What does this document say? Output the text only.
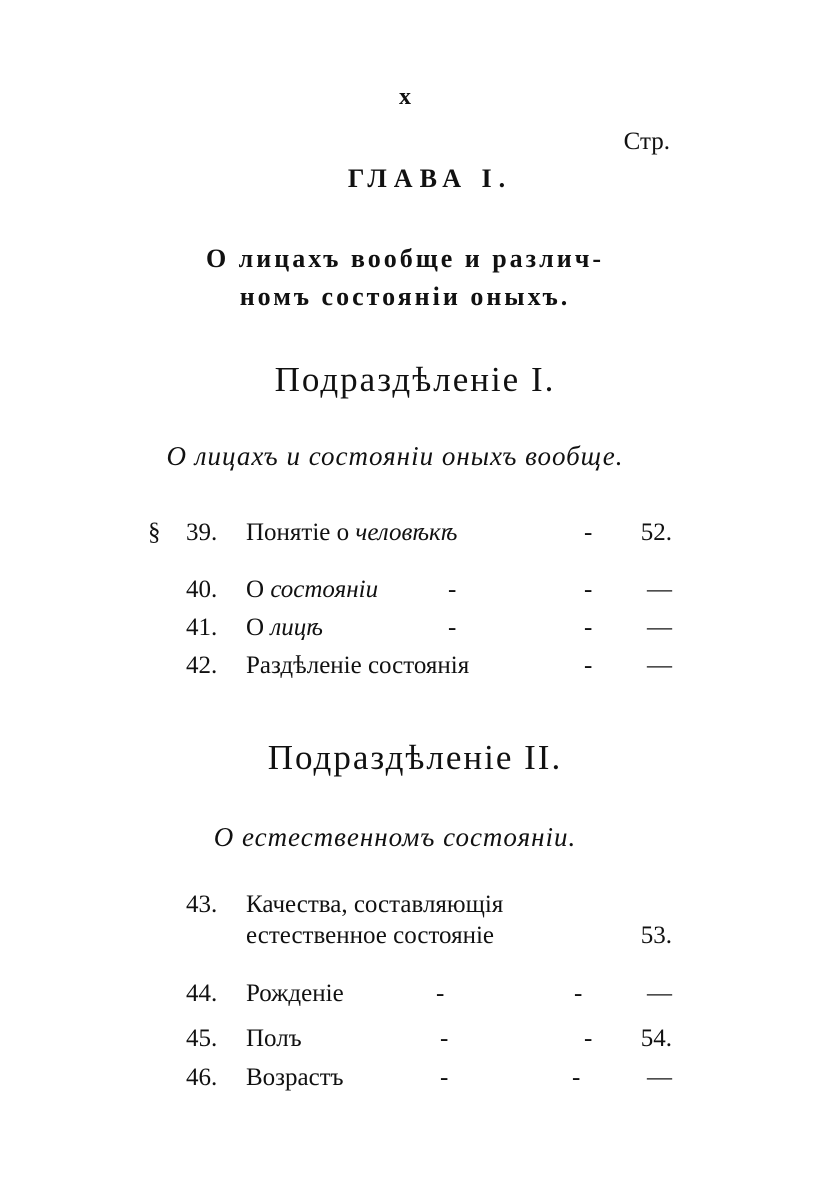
x
Стр.
ГЛАВА I.
О лицахъ вообще и различ-
номъ состоянiи оныхъ.
Подраздѣленiе I.
О лицахъ и состоянiи оныхъ вообще.
§ 39. Понятiе о человѣкѣ	-	52.
40. О состоянiи	-	-	—
41. О лицѣ	-	-	—
42. Раздѣленiе состоянiя	-	—
Подраздѣленiе II.
О естественномъ состоянiи.
43. Качества, составляющiя
естественное состоянiе	53.
44. Рожденiе	-	-	—
45. Полъ	-	-	54.
46. Возрастъ	-	-	—
